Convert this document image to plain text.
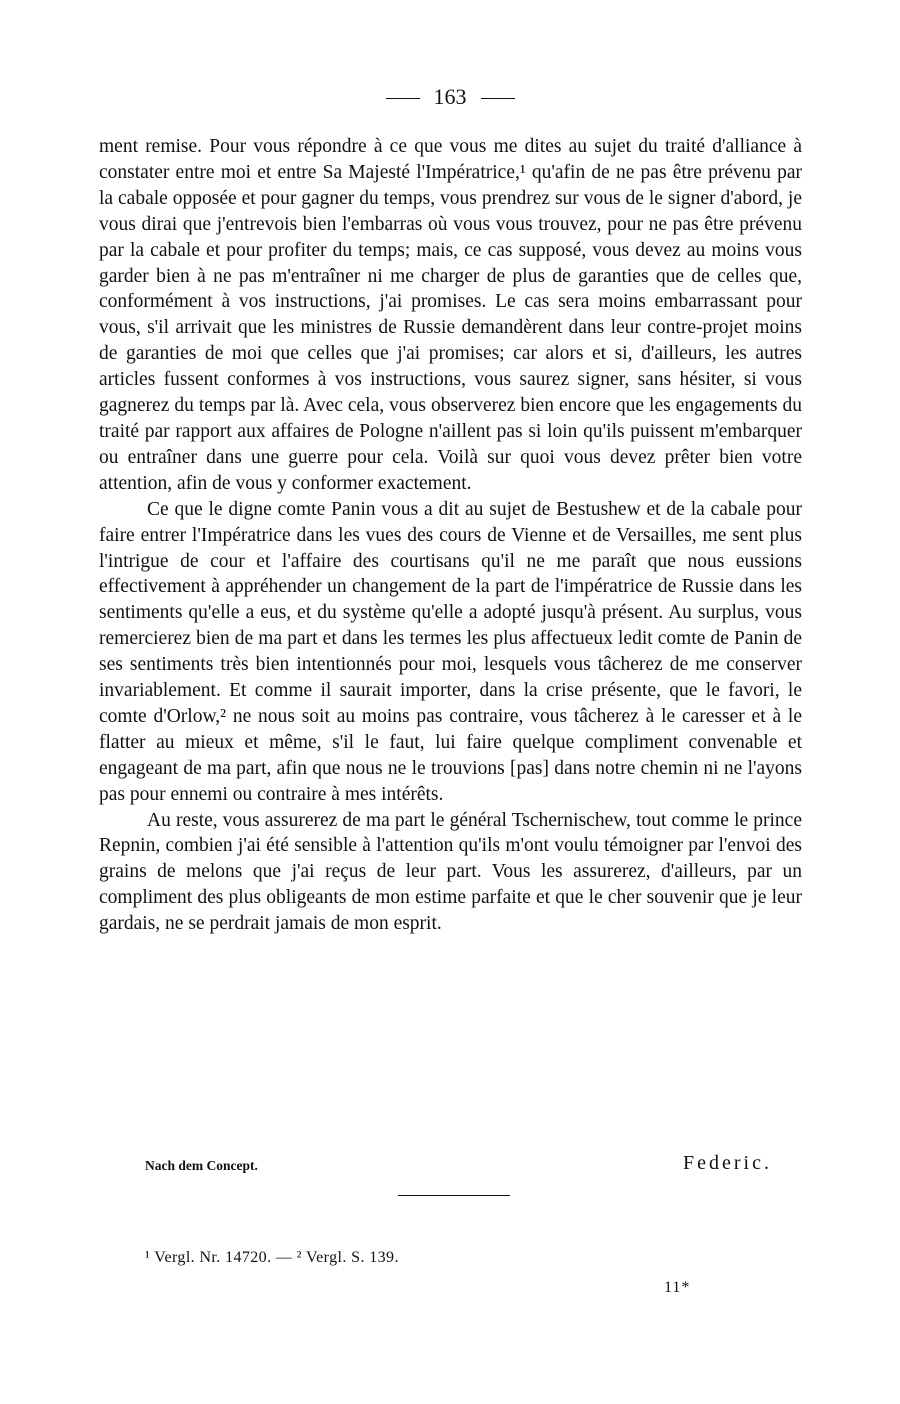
163

ment remise. Pour vous répondre à ce que vous me dites au sujet du traité d'alliance à constater entre moi et entre Sa Majesté l'Impératrice,¹ qu'afin de ne pas être prévenu par la cabale opposée et pour gagner du temps, vous prendrez sur vous de le signer d'abord, je vous dirai que j'entrevois bien l'embarras où vous vous trouvez, pour ne pas être prévenu par la cabale et pour profiter du temps; mais, ce cas supposé, vous devez au moins vous garder bien à ne pas m'entraîner ni me charger de plus de garanties que de celles que, conformément à vos instructions, j'ai promises. Le cas sera moins embarrassant pour vous, s'il arrivait que les ministres de Russie demandèrent dans leur contre-projet moins de garanties de moi que celles que j'ai promises; car alors et si, d'ailleurs, les autres articles fussent conformes à vos instructions, vous saurez signer, sans hésiter, si vous gagnerez du temps par là. Avec cela, vous observerez bien encore que les engagements du traité par rapport aux affaires de Pologne n'aillent pas si loin qu'ils puissent m'embarquer ou entraîner dans une guerre pour cela. Voilà sur quoi vous devez prêter bien votre attention, afin de vous y conformer exactement.

Ce que le digne comte Panin vous a dit au sujet de Bestushew et de la cabale pour faire entrer l'Impératrice dans les vues des cours de Vienne et de Versailles, me sent plus l'intrigue de cour et l'affaire des courtisans qu'il ne me paraît que nous eussions effectivement à appréhender un changement de la part de l'impératrice de Russie dans les sentiments qu'elle a eus, et du système qu'elle a adopté jusqu'à présent. Au surplus, vous remercierez bien de ma part et dans les termes les plus affectueux ledit comte de Panin de ses sentiments très bien intentionnés pour moi, lesquels vous tâcherez de me conserver invariablement. Et comme il saurait importer, dans la crise présente, que le favori, le comte d'Orlow,² ne nous soit au moins pas contraire, vous tâcherez à le caresser et à le flatter au mieux et même, s'il le faut, lui faire quelque compliment convenable et engageant de ma part, afin que nous ne le trouvions [pas] dans notre chemin ni ne l'ayons pas pour ennemi ou contraire à mes intérêts.

Au reste, vous assurerez de ma part le général Tschernischew, tout comme le prince Repnin, combien j'ai été sensible à l'attention qu'ils m'ont voulu témoigner par l'envoi des grains de melons que j'ai reçus de leur part. Vous les assurerez, d'ailleurs, par un compliment des plus obligeants de mon estime parfaite et que le cher souvenir que je leur gardais, ne se perdrait jamais de mon esprit.

Nach dem Concept.	Federic.
¹ Vergl. Nr. 14720. — ² Vergl. S. 139.
11*
